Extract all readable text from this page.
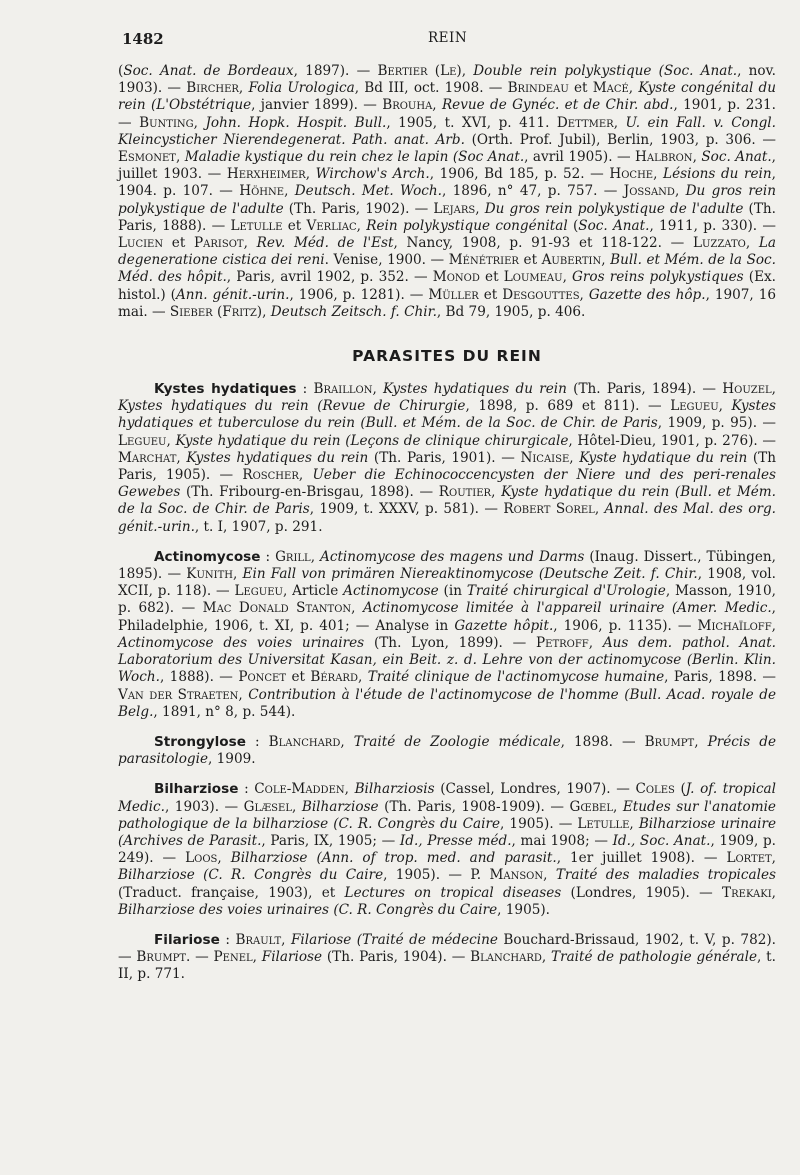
1482	REIN

(Soc. Anat. de Bordeaux, 1897). — Bertier (Le), Double rein polykystique (Soc. Anat., nov. 1903). — Bircher, Folia Urologica, Bd III, oct. 1908. — Brindeau et Macé, Kyste congénital du rein (L'Obstétrique, janvier 1899). — Brouha, Revue de Gynéc. et de Chir. abd., 1901, p. 231. — Bunting, John. Hopk. Hospit. Bull., 1905, t. XVI, p. 411. Dettmer, U. ein Fall. v. Congl. Kleincysticher Nierendegenerat. Path. anat. Arb. (Orth. Prof. Jubil), Berlin, 1903, p. 306. — Esmonet, Maladie kystique du rein chez le lapin (Soc Anat., avril 1905). — Halbron, Soc. Anat., juillet 1903. — Herxheimer, Wirchow's Arch., 1906, Bd 185, p. 52. — Hoche, Lésions du rein, 1904. p. 107. — Höhne, Deutsch. Met. Woch., 1896, n° 47, p. 757. — Jossand, Du gros rein polykystique de l'adulte (Th. Paris, 1902). — Lejars, Du gros rein polykystique de l'adulte (Th. Paris, 1888). — Letulle et Verliac, Rein polykystique congénital (Soc. Anat., 1911, p. 330). — Lucien et Parisot, Rev. Méd. de l'Est, Nancy, 1908, p. 91-93 et 118-122. — Luzzato, La degeneratione cistica dei reni. Venise, 1900. — Ménétrier et Aubertin, Bull. et Mém. de la Soc. Méd. des hôpit., Paris, avril 1902, p. 352. — Monod et Loumeau, Gros reins polykystiques (Ex. histol.) (Ann. génit.-urin., 1906, p. 1281). — Müller et Desgouttes, Gazette des hôp., 1907, 16 mai. — Sieber (Fritz), Deutsch Zeitsch. f. Chir., Bd 79, 1905, p. 406.

PARASITES DU REIN

Kystes hydatiques : Braillon, Kystes hydatiques du rein (Th. Paris, 1894). — Houzel, Kystes hydatiques du rein (Revue de Chirurgie, 1898, p. 689 et 811). — Legueu, Kystes hydatiques et tuberculose du rein (Bull. et Mém. de la Soc. de Chir. de Paris, 1909, p. 95). — Legueu, Kyste hydatique du rein (Leçons de clinique chirurgicale, Hôtel-Dieu, 1901, p. 276). — Marchat, Kystes hydatiques du rein (Th. Paris, 1901). — Nicaise, Kyste hydatique du rein (Th Paris, 1905). — Roscher, Ueber die Echinococcencysten der Niere und des peri-renales Gewebes (Th. Fribourg-en-Brisgau, 1898). — Routier, Kyste hydatique du rein (Bull. et Mém. de la Soc. de Chir. de Paris, 1909, t. XXXV, p. 581). — Robert Sorel, Annal. des Mal. des org. génit.-urin., t. I, 1907, p. 291.

Actinomycose : Grill, Actinomycose des magens und Darms (Inaug. Dissert., Tübingen, 1895). — Kunith, Ein Fall von primären Niereaktinomycose (Deutsche Zeit. f. Chir., 1908, vol. XCII, p. 118). — Legueu, Article Actinomycose (in Traité chirurgical d'Urologie, Masson, 1910, p. 682). — Mac Donald Stanton, Actinomycose limitée à l'appareil urinaire (Amer. Medic., Philadelphie, 1906, t. XI, p. 401; — Analyse in Gazette hôpit., 1906, p. 1135). — Michaïloff, Actinomycose des voies urinaires (Th. Lyon, 1899). — Petroff, Aus dem. pathol. Anat. Laboratorium des Universitat Kasan, ein Beit. z. d. Lehre von der actinomycose (Berlin. Klin. Woch., 1888). — Poncet et Bérard, Traité clinique de l'actinomycose humaine, Paris, 1898. — Van der Straeten, Contribution à l'étude de l'actinomycose de l'homme (Bull. Acad. royale de Belg., 1891, n° 8, p. 544).

Strongylose : Blanchard, Traité de Zoologie médicale, 1898. — Brumpt, Précis de parasitologie, 1909.

Bilharziose : Cole-Madden, Bilharziosis (Cassel, Londres, 1907). — Coles (J. of. tropical Medic., 1903). — Glæsel, Bilharziose (Th. Paris, 1908-1909). — Gœbel, Etudes sur l'anatomie pathologique de la bilharziose (C. R. Congrès du Caire, 1905). — Letulle, Bilharziose urinaire (Archives de Parasit., Paris, IX, 1905; — Id., Presse méd., mai 1908; — Id., Soc. Anat., 1909, p. 249). — Loos, Bilharziose (Ann. of trop. med. and parasit., 1er juillet 1908). — Lortet, Bilharziose (C. R. Congrès du Caire, 1905). — P. Manson, Traité des maladies tropicales (Traduct. française, 1903), et Lectures on tropical diseases (Londres, 1905). — Trekaki, Bilharziose des voies urinaires (C. R. Congrès du Caire, 1905).

Filariose : Brault, Filariose (Traité de médecine Bouchard-Brissaud, 1902, t. V, p. 782). — Brumpt. — Penel, Filariose (Th. Paris, 1904). — Blanchard, Traité de pathologie générale, t. II, p. 771.
